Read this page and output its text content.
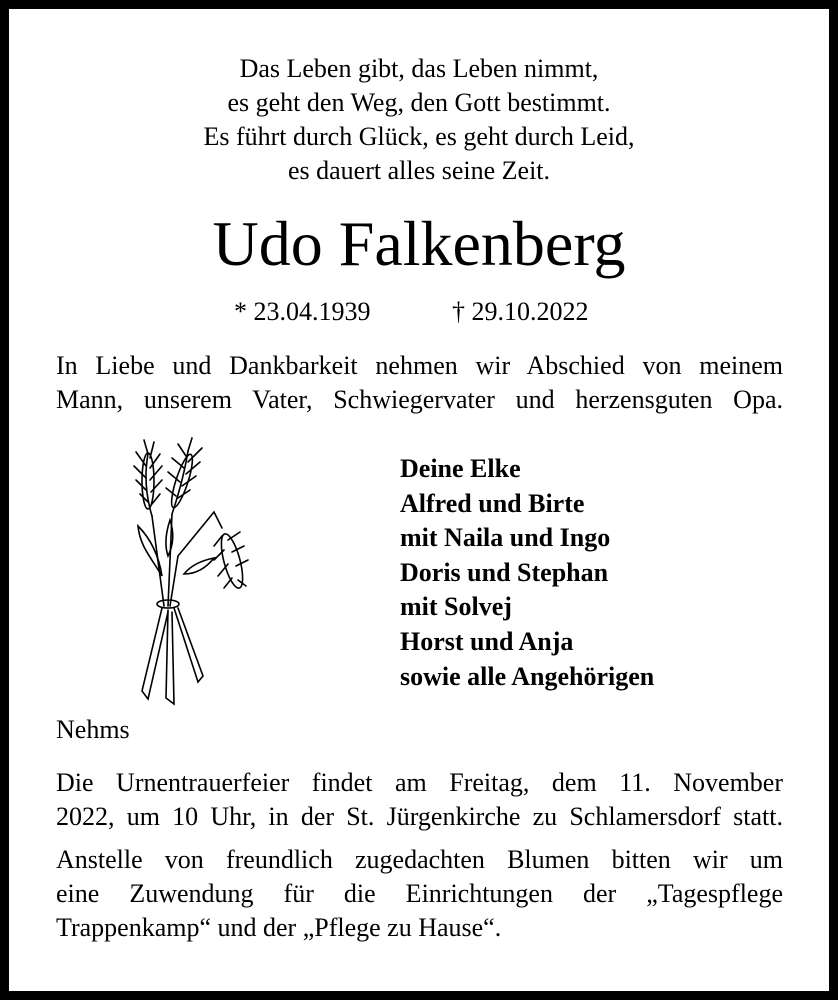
Das Leben gibt, das Leben nimmt,
es geht den Weg, den Gott bestimmt.
Es führt durch Glück, es geht durch Leid,
es dauert alles seine Zeit.
Udo Falkenberg
* 23.04.1939	† 29.10.2022
In Liebe und Dankbarkeit nehmen wir Abschied von meinem
Mann, unserem Vater, Schwiegervater und herzensguten Opa.
Deine Elke
Alfred und Birte
mit Naila und Ingo
Doris und Stephan
mit Solvej
Horst und Anja
sowie alle Angehörigen
Nehms
Die Urnentrauerfeier findet am Freitag, dem 11. November
2022, um 10 Uhr, in der St. Jürgenkirche zu Schlamersdorf statt.
Anstelle von freundlich zugedachten Blumen bitten wir um
eine Zuwendung für die Einrichtungen der „Tagespflege
Trappenkamp“ und der „Pflege zu Hause“.
